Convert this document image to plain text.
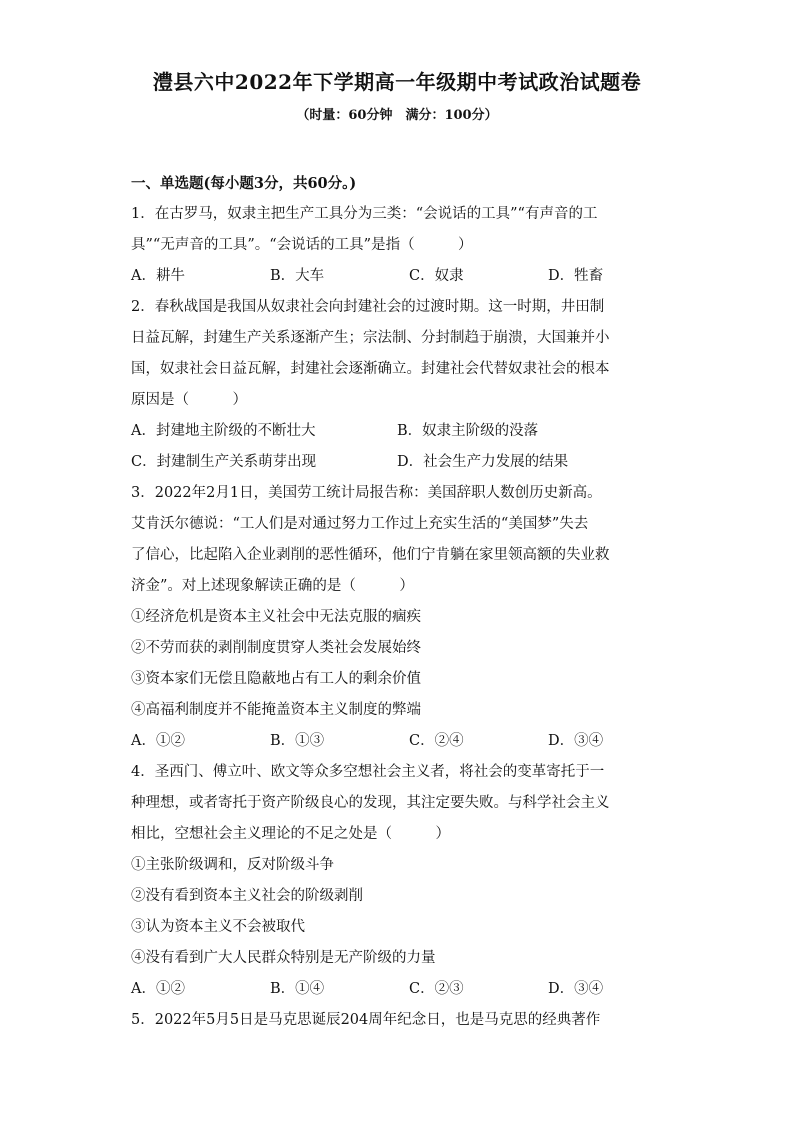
澧县六中2022年下学期高一年级期中考试政治试题卷
（时量：60分钟　满分：100分）
一、单选题(每小题3分，共60分。)
1．在古罗马，奴隶主把生产工具分为三类：“会说话的工具”“有声音的工
具”“无声音的工具”。“会说话的工具”是指（　　　）
A．耕牛	B．大车	C．奴隶	D．牲畜
2．春秋战国是我国从奴隶社会向封建社会的过渡时期。这一时期，井田制
日益瓦解，封建生产关系逐渐产生；宗法制、分封制趋于崩溃，大国兼并小
国，奴隶社会日益瓦解，封建社会逐渐确立。封建社会代替奴隶社会的根本
原因是（　　　）
A．封建地主阶级的不断壮大	B．奴隶主阶级的没落
C．封建制生产关系萌芽出现	D．社会生产力发展的结果
3．2022年2月1日，美国劳工统计局报告称：美国辞职人数创历史新高。
艾肯沃尔德说：“工人们是对通过努力工作过上充实生活的“美国梦”失去
了信心，比起陷入企业剥削的恶性循环，他们宁肯躺在家里领高额的失业救
济金”。对上述现象解读正确的是（　　　）
①经济危机是资本主义社会中无法克服的痼疾
②不劳而获的剥削制度贯穿人类社会发展始终
③资本家们无偿且隐蔽地占有工人的剩余价值
④高福利制度并不能掩盖资本主义制度的弊端
A．①②	B．①③	C．②④	D．③④
4．圣西门、傅立叶、欧文等众多空想社会主义者，将社会的变革寄托于一
种理想，或者寄托于资产阶级良心的发现，其注定要失败。与科学社会主义
相比，空想社会主义理论的不足之处是（　　　）
①主张阶级调和，反对阶级斗争
②没有看到资本主义社会的阶级剥削
③认为资本主义不会被取代
④没有看到广大人民群众特别是无产阶级的力量
A．①②	B．①④	C．②③	D．③④
5．2022年5月5日是马克思诞辰204周年纪念日，也是马克思的经典著作
